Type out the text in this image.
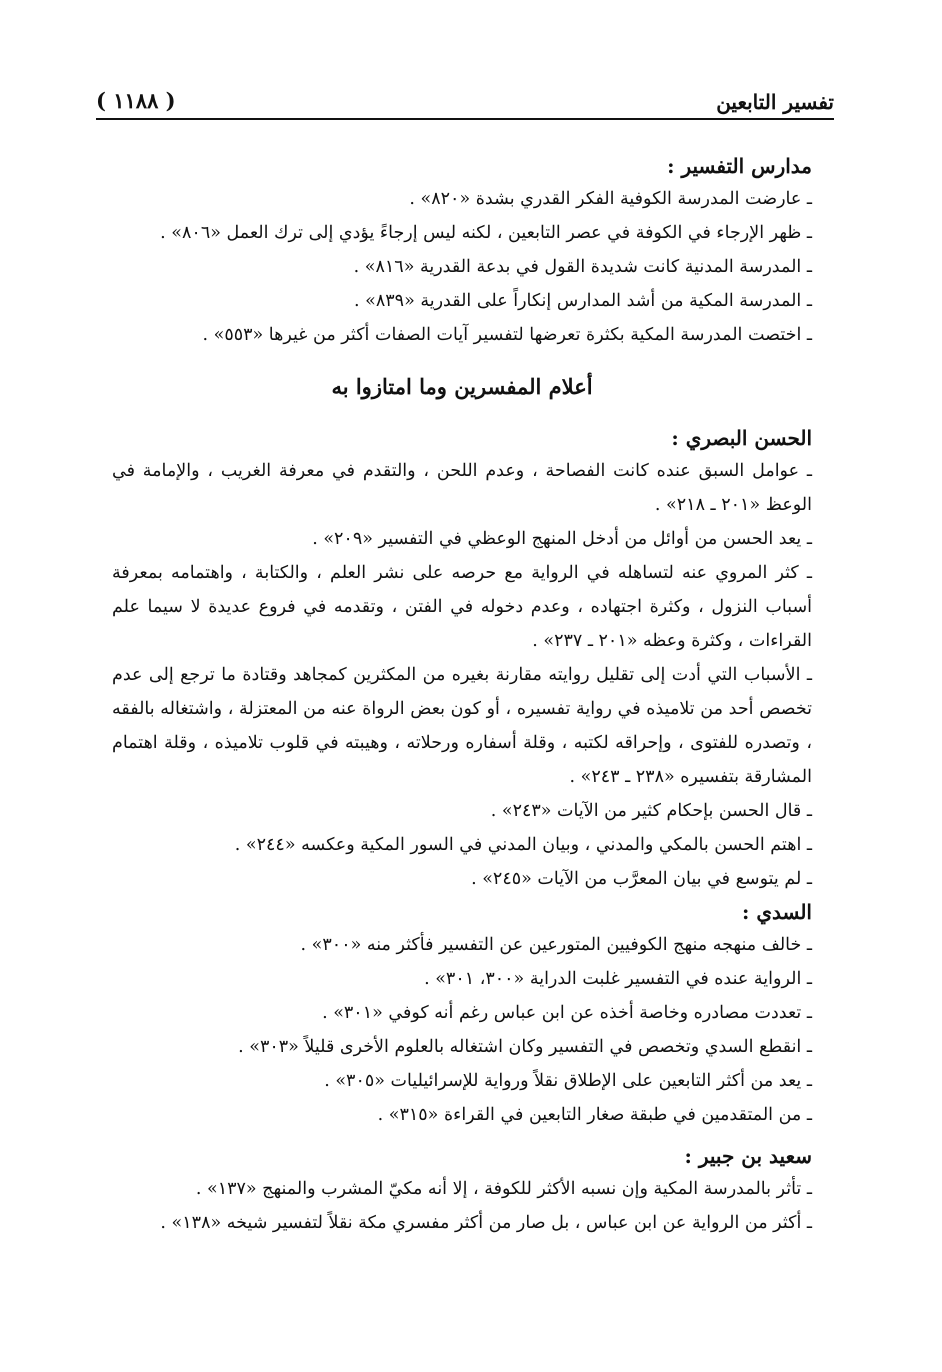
( ١١٨٨ )	تفسير التابعين

مدارس التفسير :

ـ عارضت المدرسة الكوفية الفكر القدري بشدة «٨٢٠» .

ـ ظهر الإرجاء في الكوفة في عصر التابعين ، لكنه ليس إرجاءً يؤدي إلى ترك العمل «٨٠٦» .

ـ المدرسة المدنية كانت شديدة القول في بدعة القدرية «٨١٦» .

ـ المدرسة المكية من أشد المدارس إنكاراً على القدرية «٨٣٩» .

ـ اختصت المدرسة المكية بكثرة تعرضها لتفسير آيات الصفات أكثر من غيرها «٥٥٣» .

أعلام المفسرين وما امتازوا به

الحسن البصري :

ـ عوامل السبق عنده كانت الفصاحة ، وعدم اللحن ، والتقدم في معرفة الغريب ، والإمامة في الوعظ «٢٠١ ـ ٢١٨» .

ـ يعد الحسن من أوائل من أدخل المنهج الوعظي في التفسير «٢٠٩» .

ـ كثر المروي عنه لتساهله في الرواية مع حرصه على نشر العلم ، والكتابة ، واهتمامه بمعرفة أسباب النزول ، وكثرة اجتهاده ، وعدم دخوله في الفتن ، وتقدمه في فروع عديدة لا سيما علم القراءات ، وكثرة وعظه «٢٠١ ـ ٢٣٧» .

ـ الأسباب التي أدت إلى تقليل روايته مقارنة بغيره من المكثرين كمجاهد وقتادة ما ترجع إلى عدم تخصص أحد من تلاميذه في رواية تفسيره ، أو كون بعض الرواة عنه من المعتزلة ، واشتغاله بالفقه ، وتصدره للفتوى ، وإحراقه لكتبه ، وقلة أسفاره ورحلاته ، وهيبته في قلوب تلاميذه ، وقلة اهتمام المشارقة بتفسيره «٢٣٨ ـ ٢٤٣» .

ـ قال الحسن بإحكام كثير من الآيات «٢٤٣» .

ـ اهتم الحسن بالمكي والمدني ، وبيان المدني في السور المكية وعكسه «٢٤٤» .

ـ لم يتوسع في بيان المعرَّب من الآيات «٢٤٥» .

السدي :

ـ خالف منهجه منهج الكوفيين المتورعين عن التفسير فأكثر منه «٣٠٠» .

ـ الرواية عنده في التفسير غلبت الدراية «٣٠٠، ٣٠١» .

ـ تعددت مصادره وخاصة أخذه عن ابن عباس رغم أنه كوفي «٣٠١» .

ـ انقطع السدي وتخصص في التفسير وكان اشتغاله بالعلوم الأخرى قليلاً «٣٠٣» .

ـ يعد من أكثر التابعين على الإطلاق نقلاً ورواية للإسرائيليات «٣٠٥» .

ـ من المتقدمين في طبقة صغار التابعين في القراءة «٣١٥» .

سعيد بن جبير :

ـ تأثر بالمدرسة المكية وإن نسبه الأكثر للكوفة ، إلا أنه مكيّ المشرب والمنهج «١٣٧» .

ـ أكثر من الرواية عن ابن عباس ، بل صار من أكثر مفسري مكة نقلاً لتفسير شيخه «١٣٨» .
